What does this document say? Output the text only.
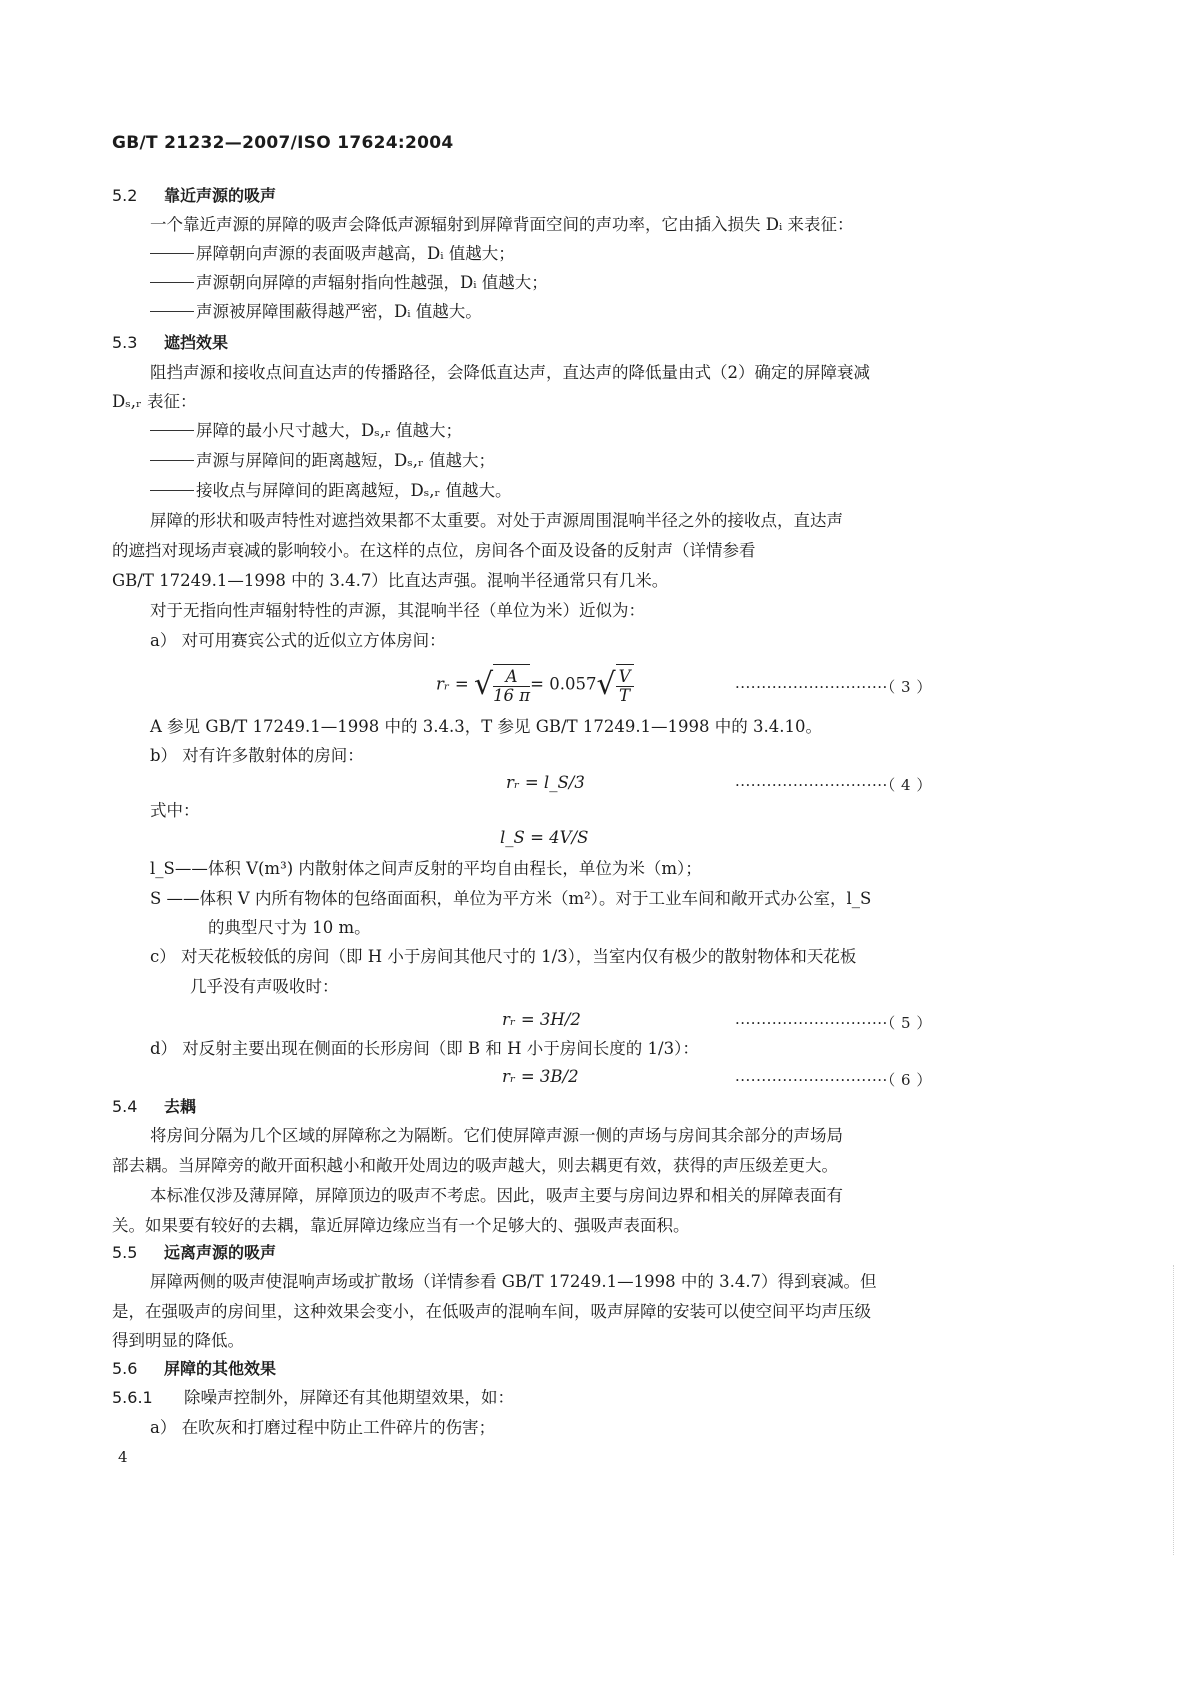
GB/T 21232—2007/ISO 17624:2004
5.2 靠近声源的吸声
一个靠近声源的屏障的吸声会降低声源辐射到屏障背面空间的声功率，它由插入损失 Dᵢ 来表征：
屏障朝向声源的表面吸声越高，Dᵢ 值越大；
声源朝向屏障的声辐射指向性越强，Dᵢ 值越大；
声源被屏障围蔽得越严密，Dᵢ 值越大。
5.3 遮挡效果
阻挡声源和接收点间直达声的传播路径，会降低直达声，直达声的降低量由式（2）确定的屏障衰减
Dₛ,ᵣ 表征：
屏障的最小尺寸越大，Dₛ,ᵣ 值越大；
声源与屏障间的距离越短，Dₛ,ᵣ 值越大；
接收点与屏障间的距离越短，Dₛ,ᵣ 值越大。
屏障的形状和吸声特性对遮挡效果都不太重要。对处于声源周围混响半径之外的接收点，直达声
的遮挡对现场声衰减的影响较小。在这样的点位，房间各个面及设备的反射声（详情参看
GB/T 17249.1—1998 中的 3.4.7）比直达声强。混响半径通常只有几米。
对于无指向性声辐射特性的声源，其混响半径（单位为米）近似为：
a） 对可用赛宾公式的近似立方体房间：
rᵣ = √ $\frac{A}{16 \pi} = 0.057√ \frac{V}{T}$	·····························（ 3 ）
A 参见 GB/T 17249.1—1998 中的 3.4.3，T 参见 GB/T 17249.1—1998 中的 3.4.10。
b） 对有许多散射体的房间：
rᵣ = l_S/3	·····························（ 4 ）
式中：
l_S = 4V/S
l_S——体积 V(m³) 内散射体之间声反射的平均自由程长，单位为米（m）；
S ——体积 V 内所有物体的包络面面积，单位为平方米（m²）。对于工业车间和敞开式办公室，l_S
的典型尺寸为 10 m。
c） 对天花板较低的房间（即 H 小于房间其他尺寸的 1/3），当室内仅有极少的散射物体和天花板
几乎没有声吸收时：
rᵣ = 3H/2	·····························（ 5 ）
d） 对反射主要出现在侧面的长形房间（即 B 和 H 小于房间长度的 1/3）：
rᵣ = 3B/2	·····························（ 6 ）
5.4 去耦
将房间分隔为几个区域的屏障称之为隔断。它们使屏障声源一侧的声场与房间其余部分的声场局
部去耦。当屏障旁的敞开面积越小和敞开处周边的吸声越大，则去耦更有效，获得的声压级差更大。
本标准仅涉及薄屏障，屏障顶边的吸声不考虑。因此，吸声主要与房间边界和相关的屏障表面有
关。如果要有较好的去耦，靠近屏障边缘应当有一个足够大的、强吸声表面积。
5.5 远离声源的吸声
屏障两侧的吸声使混响声场或扩散场（详情参看 GB/T 17249.1—1998 中的 3.4.7）得到衰减。但
是，在强吸声的房间里，这种效果会变小，在低吸声的混响车间，吸声屏障的安装可以使空间平均声压级
得到明显的降低。
5.6 屏障的其他效果
5.6.1 除噪声控制外，屏障还有其他期望效果，如：
a） 在吹灰和打磨过程中防止工件碎片的伤害；
4
